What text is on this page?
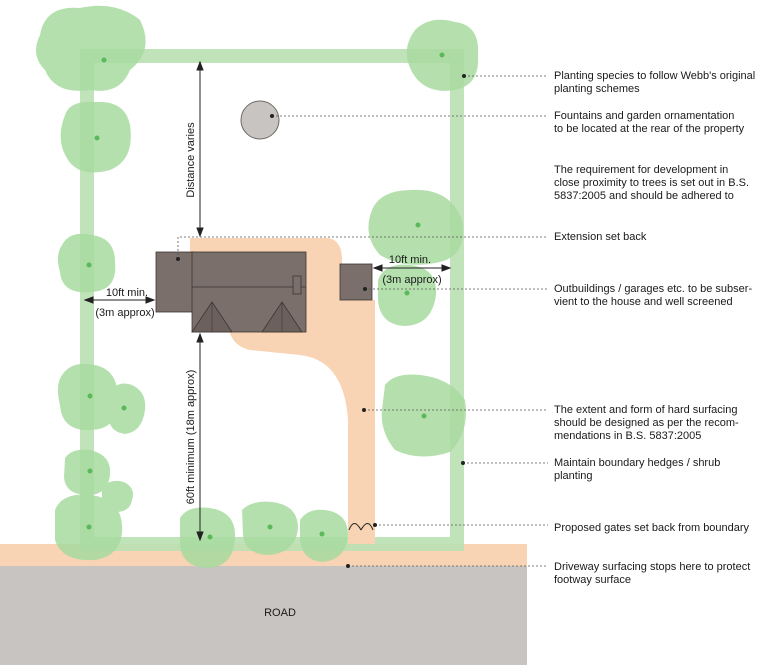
ROAD
Distance varies
60ft minimum (18m approx)
10ft min.
(3m approx)
10ft min.
(3m approx)
Planting species to follow Webb's original
planting schemes
Fountains and garden ornamentation
to be located at the rear of the property
The requirement for development in
close proximity to trees is set out in B.S.
5837:2005 and should be adhered to
Extension set back
Outbuildings / garages etc. to be subser-
vient to the house and well screened
The extent and form of hard surfacing
should be designed as per the recom-
mendations in B.S. 5837:2005
Maintain boundary hedges / shrub
planting
Proposed gates set back from boundary
Driveway surfacing stops here to protect
footway surface
